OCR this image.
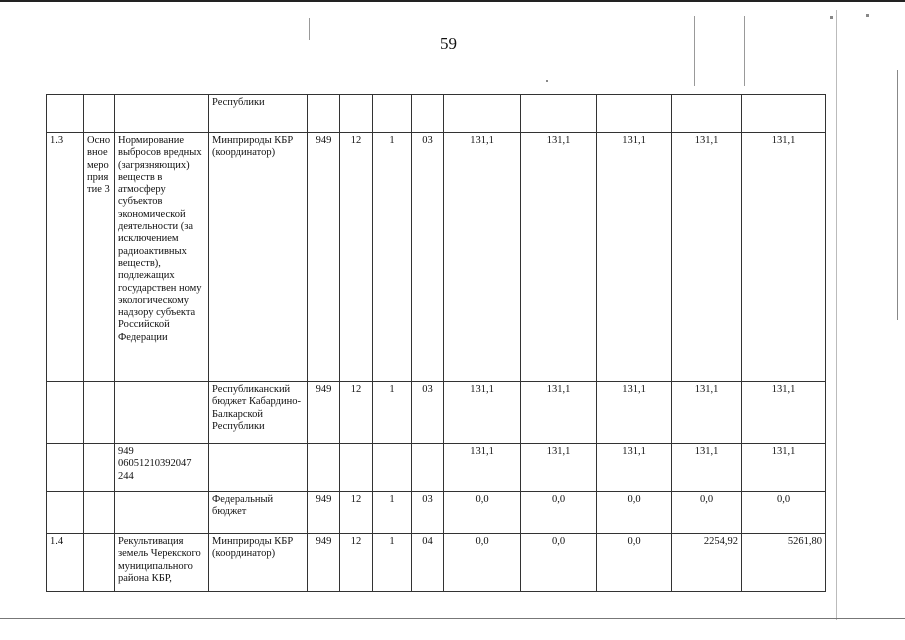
59
			Республики									
1.3	Осно вное меро прия тие 3	Нормирование выбросов вредных (загрязняющих) веществ в атмосферу субъектов экономической деятельности (за исключением радиоактивных веществ), подлежащих государствен ному экологическому надзору субъекта Российской Федерации	Минприроды КБР (координатор)	949	12	1	03	131,1	131,1	131,1	131,1	131,1
			Республиканский бюджет Кабардино-Балкарской Республики	949	12	1	03	131,1	131,1	131,1	131,1	131,1
		949 06051210392047 244						131,1	131,1	131,1	131,1	131,1
			Федеральный бюджет	949	12	1	03	0,0	0,0	0,0	0,0	0,0
1.4		Рекультивация земель Черекского муниципального района КБР,	Минприроды КБР (координатор)	949	12	1	04	0,0	0,0	0,0	2254,92	5261,80
